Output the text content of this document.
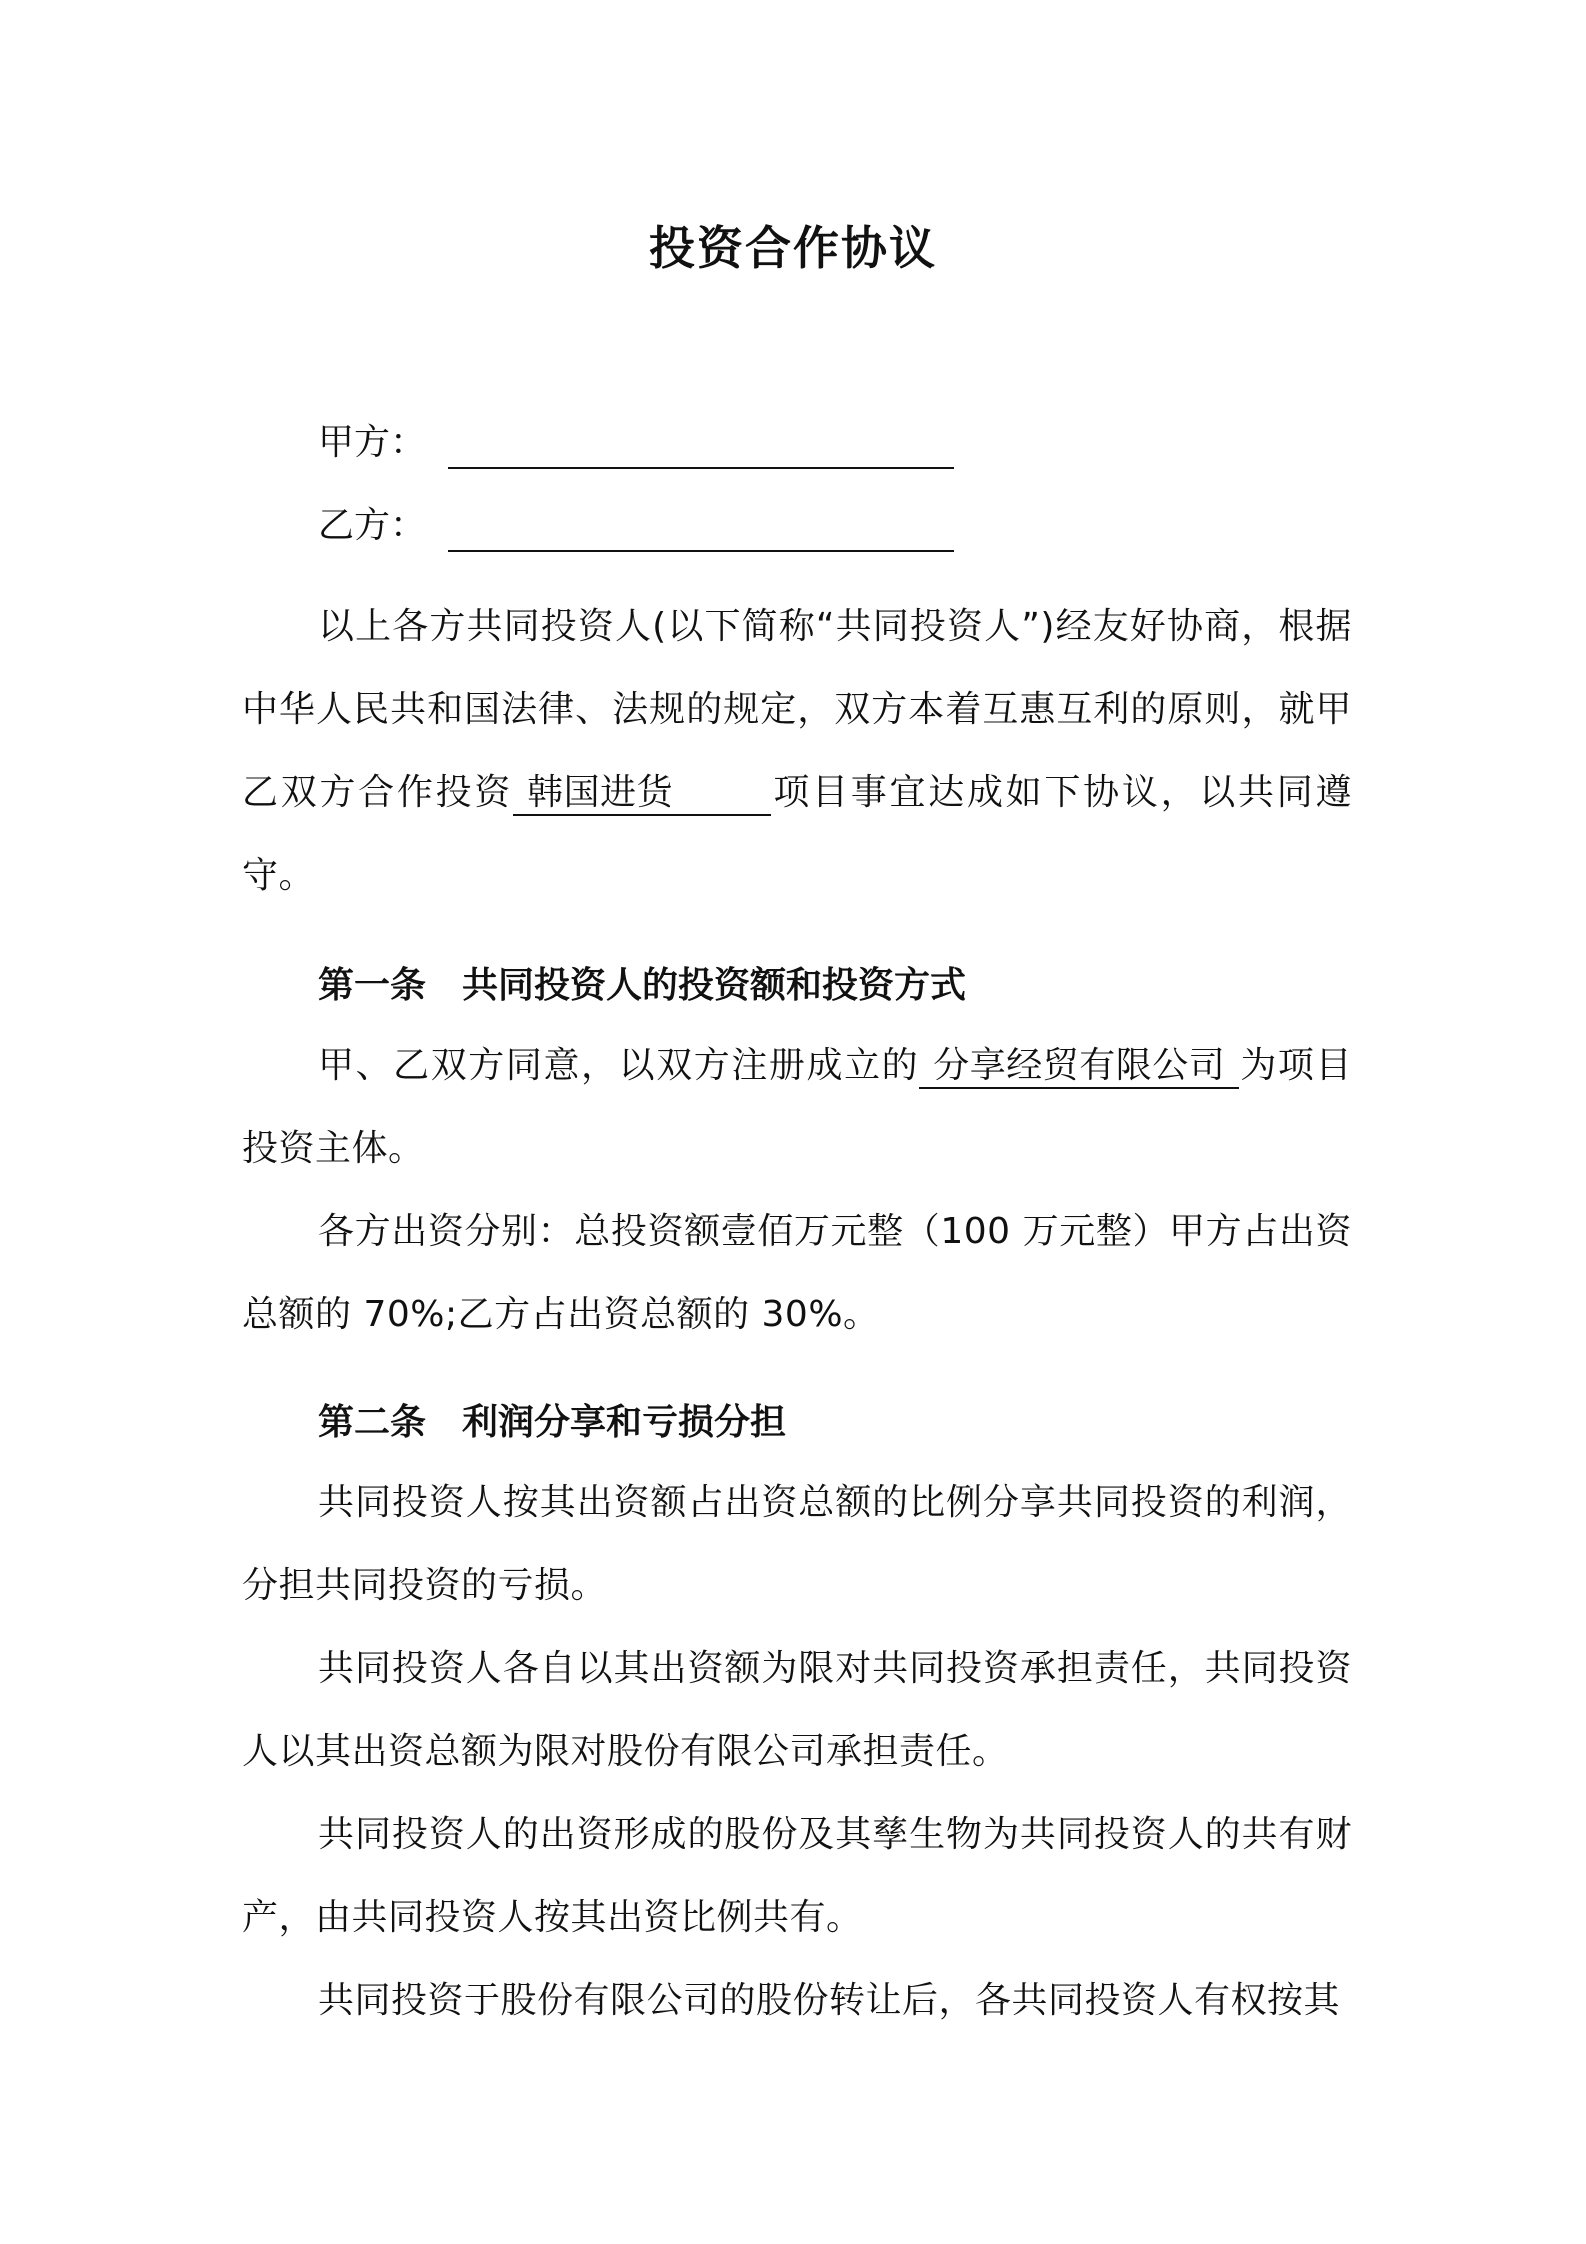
投资合作协议
甲方：
乙方：
以上各方共同投资人(以下简称“共同投资人”)经友好协商，根据中华人民共和国法律、法规的规定，双方本着互惠互利的原则，就甲乙双方合作投资 韩国进货	项目事宜达成如下协议，以共同遵守。
第一条 共同投资人的投资额和投资方式
甲、乙双方同意，以双方注册成立的 分享经贸有限公司 为项目投资主体。
各方出资分别：总投资额壹佰万元整（100 万元整）甲方占出资总额的 70%;乙方占出资总额的 30%。
第二条 利润分享和亏损分担
共同投资人按其出资额占出资总额的比例分享共同投资的利润，分担共同投资的亏损。
共同投资人各自以其出资额为限对共同投资承担责任，共同投资人以其出资总额为限对股份有限公司承担责任。
共同投资人的出资形成的股份及其孳生物为共同投资人的共有财产，由共同投资人按其出资比例共有。
共同投资于股份有限公司的股份转让后，各共同投资人有权按其
